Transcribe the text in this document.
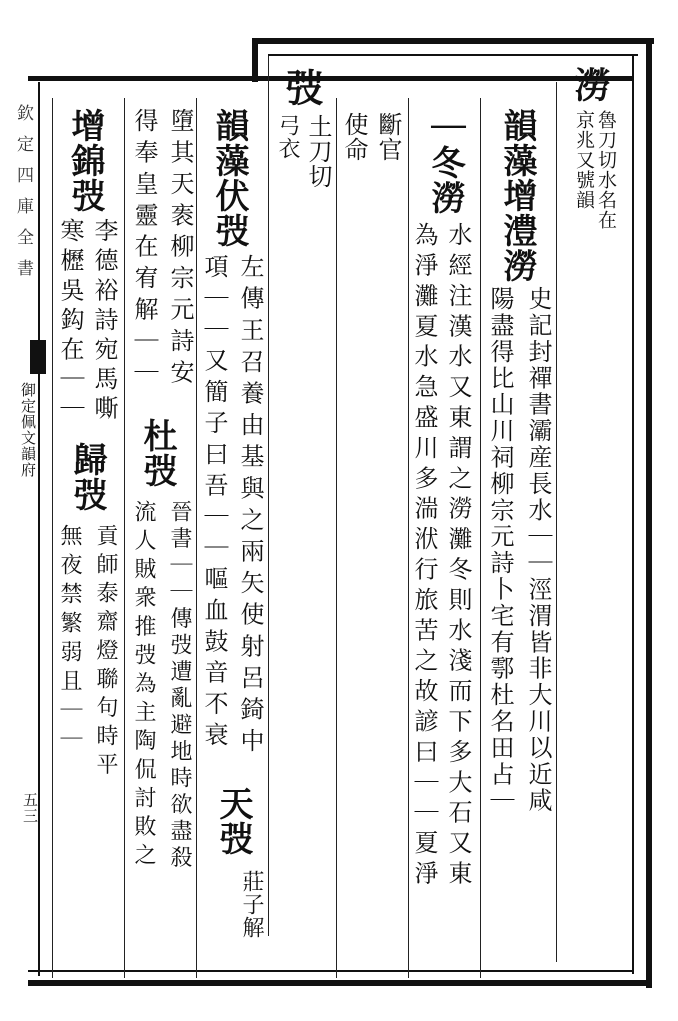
澇
魯刀切水名在
京兆又號韻
韻藻增澧澇
史記封禪書灞産長水｜｜涇渭皆非大川以近咸
陽盡得比山川祠柳宗元詩卜宅有鄠杜名田占｜
｜冬澇
水經注漢水又東謂之澇灘冬則水淺而下多大石又東
為淨灘夏水急盛川多湍洑行旅苦之故諺曰｜｜夏淨
斷官
使命
弢
土刀切
弓衣
韻藻伏弢
左傳王召養由基與之兩矢使射呂錡中
項｜｜又簡子曰吾｜｜嘔血鼓音不衰
天弢
莊子解
墮其天袠柳宗元詩安
杜弢
晉書｜｜傳弢遭亂避地時欲盡殺
得奉皇靈在宥解｜｜
流人賊衆推弢為主陶侃討敗之
增錦弢
李德裕詩宛馬嘶
歸弢
貢師泰齋燈聯句時平
寒櫪吳鈎在｜｜
無夜禁繁弱且｜｜
欽定四庫全書
御定佩文韻府
五三
